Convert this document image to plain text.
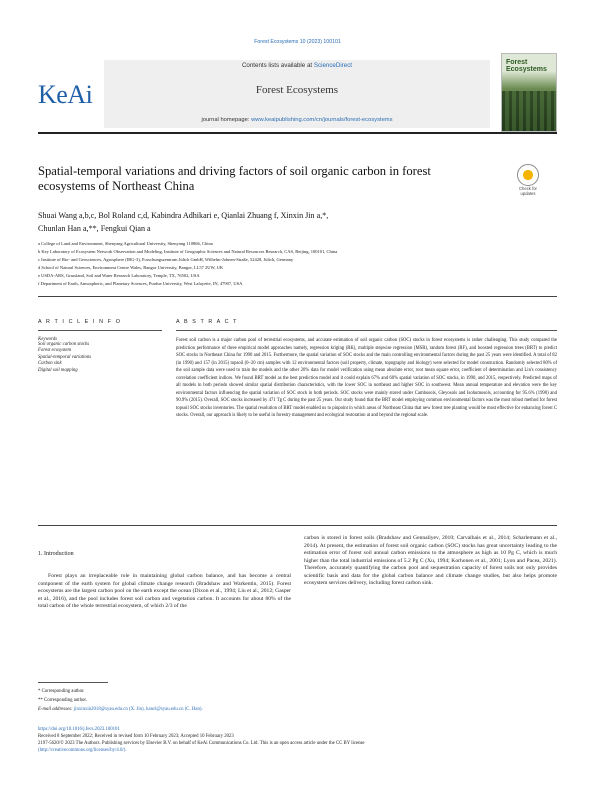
Forest Ecosystems 10 (2023) 100101
KeAi
Contents lists available at ScienceDirect
Forest Ecosystems
journal homepage: www.keaipublishing.com/cn/journals/forest-ecosystems
Forest Ecosystems
Spatial-temporal variations and driving factors of soil organic carbon in forest ecosystems of Northeast China	Check for updates
Shuai Wang a,b,c, Bol Roland c,d, Kabindra Adhikari e, Qianlai Zhuang f, Xinxin Jin a,*,
Chunlan Han a,**, Fengkui Qian a
a College of Land and Environment, Shenyang Agricultural University, Shenyang 110866, China
b Key Laboratory of Ecosystem Network Observation and Modeling, Institute of Geographic Sciences and Natural Resources Research, CAS, Beijing, 100101, China
c Institute of Bio- and Geosciences, Agrosphere (IBG-3), Forschungszentrum Jülich GmbH, Wilhelm-Johnen-Straße, 52428, Jülich, Germany
d School of Natural Sciences, Environment Centre Wales, Bangor University, Bangor, LL57 2UW, UK
e USDA-ARS, Grassland, Soil and Water Research Laboratory, Temple, TX, 76502, USA
f Department of Earth, Atmospheric, and Planetary Sciences, Purdue University, West Lafayette, IN, 47907, USA
A R T I C L E I N F O	A B S T R A C T
Keywords
Soil organic carbon stocks
Forest ecosystem
Spatial-temporal variations
Carbon sink
Digital soil mapping
Forest soil carbon is a major carbon pool of terrestrial ecosystems, and accurate estimation of soil organic carbon (SOC) stocks in forest ecosystems is rather challenging. This study compared the prediction performance of three empirical model approaches namely, regression kriging (RK), multiple stepwise regression (MSR), random forest (RF), and boosted regression trees (BRT) to predict SOC stocks in Northeast China for 1990 and 2015. Furthermore, the spatial variation of SOC stocks and the main controlling environmental factors during the past 25 years were identified. A total of 82 (in 1990) and 157 (in 2015) topsoil (0–20 cm) samples with 12 environmental factors (soil property, climate, topography and biology) were selected for model construction. Randomly selected 80% of the soil sample data were used to train the models and the other 20% data for model verification using mean absolute error, root mean square error, coefficient of determination and Lin's consistency correlation coefficient indices. We found BRT model as the best prediction model and it could explain 67% and 60% spatial variation of SOC stocks, in 1990, and 2015, respectively. Predicted maps of all models in both periods showed similar spatial distribution characteristics, with the lower SOC in northeast and higher SOC in southwest. Mean annual temperature and elevation were the key environmental factors influencing the spatial variation of SOC stock in both periods. SOC stocks were mainly stored under Cambosols, Gleyosols and Isohumosols, accounting for 95.6% (1990) and 90.9% (2015). Overall, SOC stocks increased by 471 Tg C during the past 25 years. Our study found that the BRT model employing common environmental factors was the most robust method for forest topsoil SOC stocks inventories. The spatial resolution of BRT model enabled us to pinpoint in which areas of Northeast China that new forest tree planting would be most effective for enhancing forest C stocks. Overall, our approach is likely to be useful in forestry management and ecological restoration at and beyond the regional scale.
1. Introduction
Forest plays an irreplaceable role in maintaining global carbon balance, and has become a central component of the earth system for global climate change research (Bradshaw and Warkentin, 2015). Forest ecosystems are the largest carbon pool on the earth except the ocean (Dixon et al., 1994; Liu et al., 2012; Gasper et al., 2016), and the pool includes forest soil carbon and vegetation carbon. It accounts for about 80% of the total carbon of the whole terrestrial ecosystem, of which 2/3 of the
carbon is stored in forest soils (Bradshaw and Gennaliyev, 2010; Carvalhais et al., 2014; Scharlemann et al., 2014). At present, the estimation of forest soil organic carbon (SOC) stocks has great uncertainty leading to the estimation error of forest soil annual carbon emissions to the atmosphere as high as 10 Pg C, which is much higher than the total industrial emissions of 5.2 Pg C (Xu, 1994; Korhonen et al., 2001; Lyon and Pacea, 2021). Therefore, accurately quantifying the carbon pool and sequestration capacity of forest soils not only provides scientific basis and data for the global carbon balance and climate change studies, but also helps promote ecosystem services delivery, including forest carbon sink.
* Corresponding author.
** Corresponding author.
E-mail addresses: jinxinxin2018@syau.edu.cn (X. Jin), hancl@syau.edu.cn (C. Han).
https://doi.org/10.1016/j.fecs.2023.100101
Received 8 September 2022; Received in revised form 10 February 2023; Accepted 10 February 2023
2197-5620/© 2023 The Authors. Publishing services by Elsevier B.V. on behalf of KeAi Communications Co. Ltd. This is an open access article under the CC BY license
(http://creativecommons.org/licenses/by/4.0/).
